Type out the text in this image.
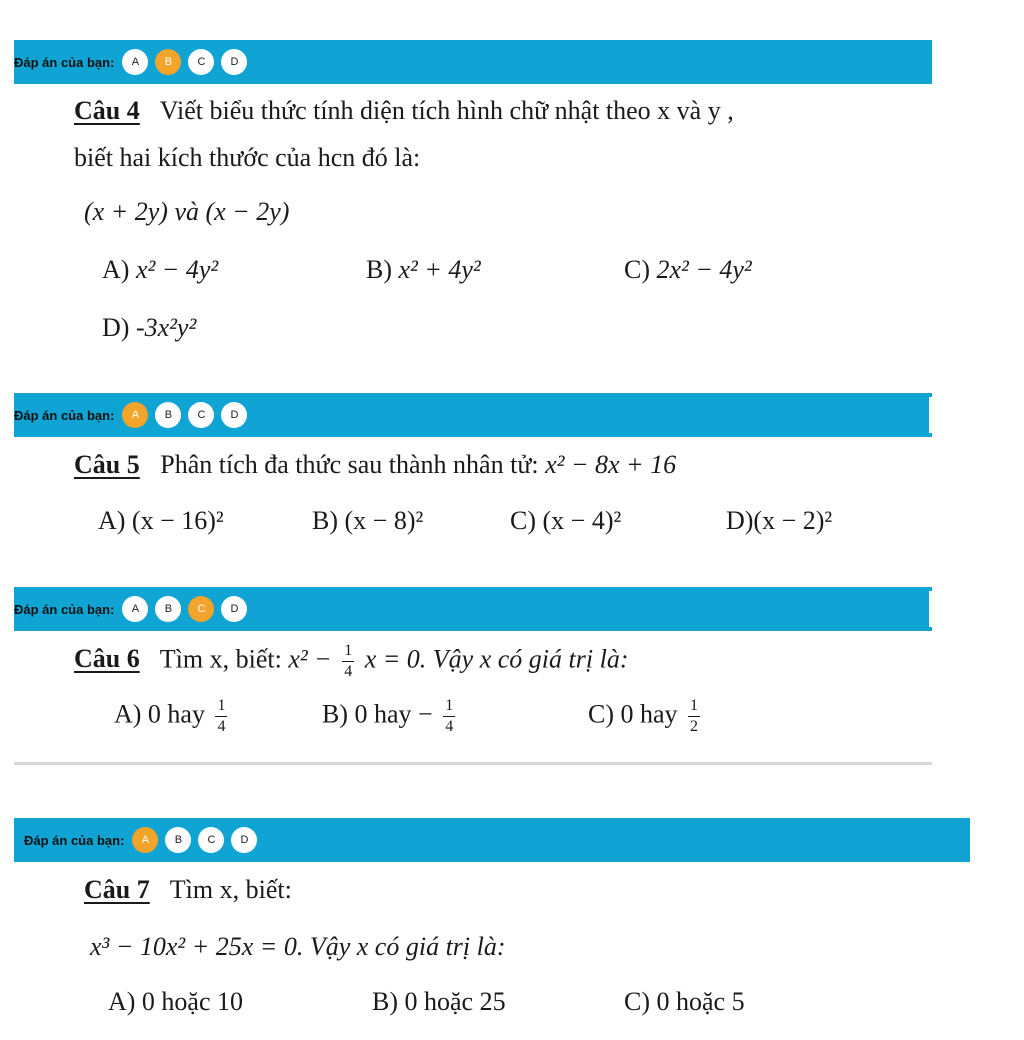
Đáp án của bạn:	A	B	C	D
Câu 4 Viết biểu thức tính diện tích hình chữ nhật theo x và y ,
biết hai kích thước của hcn đó là:
(x + 2y) và (x − 2y)
A) x² − 4y²	B) x² + 4y²	C) 2x² − 4y²
D) -3x²y²
Đáp án của bạn:	A	B	C	D
Câu 5 Phân tích đa thức sau thành nhân tử: x² − 8x + 16
A) (x − 16)²	B) (x − 8)²	C) (x − 4)²	D)(x − 2)²
Đáp án của bạn:	A	B	C	D
Câu 6 Tìm x, biết: $x^2 - \frac{1}{4}$ x = 0. Vậy x có giá trị là:
A) 0 hay $\frac{1}{4}$	B) 0 hay − $\frac{1}{4}$	C) 0 hay $\frac{1}{2}$
Đáp án của bạn:	A	B	C	D
Câu 7 Tìm x, biết:
x³ − 10x² + 25x = 0. Vậy x có giá trị là:
A) 0 hoặc 10	B) 0 hoặc 25	C) 0 hoặc 5
